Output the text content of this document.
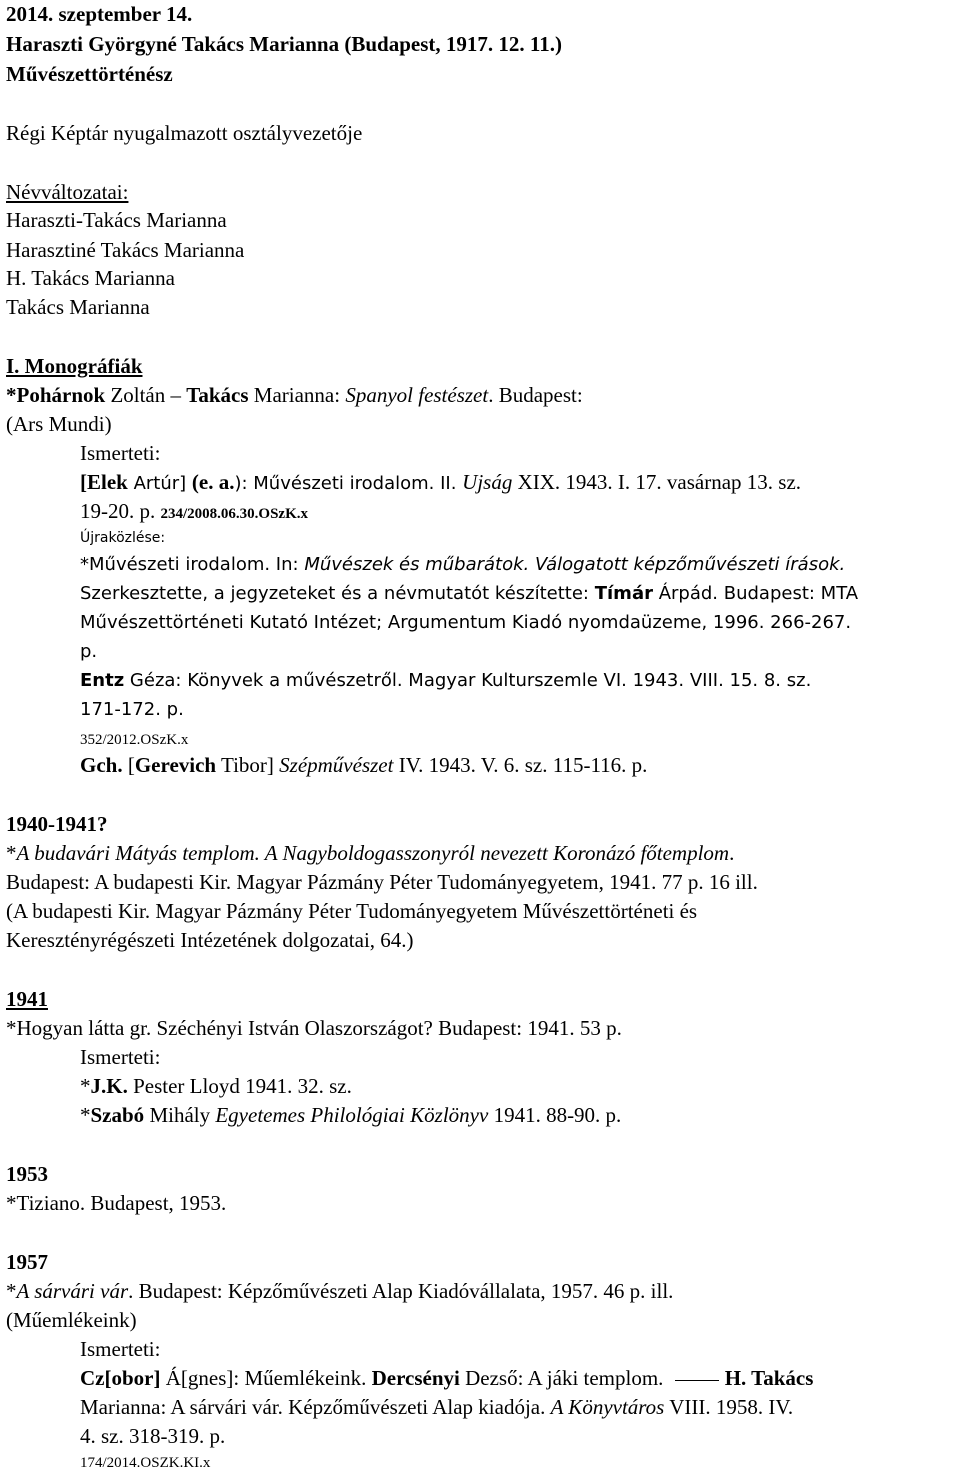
2014. szeptember 14.
Haraszti Györgyné Takács Marianna (Budapest, 1917. 12. 11.)
Művészettörténész
Régi Képtár nyugalmazott osztályvezetője
Névváltozatai:
Haraszti-Takács Marianna
Harasztiné Takács Marianna
H. Takács Marianna
Takács Marianna
I. Monográfiák
*Pohárnok Zoltán – Takács Marianna: Spanyol festészet. Budapest:
(Ars Mundi)
Ismerteti:
[Elek Artúr] (e. a.): Művészeti irodalom. II. Ujság XIX. 1943. I. 17. vasárnap 13. sz.
19-20. p. 234/2008.06.30.OSzK.x
Újraközlése:
*Művészeti irodalom. In: Művészek és műbarátok. Válogatott képzőművészeti írások.
Szerkesztette, a jegyzeteket és a névmutatót készítette: Tímár Árpád. Budapest: MTA
Művészettörténeti Kutató Intézet; Argumentum Kiadó nyomdaüzeme, 1996. 266-267.
p.
Entz Géza: Könyvek a művészetről. Magyar Kulturszemle VI. 1943. VIII. 15. 8. sz.
171-172. p.
352/2012.OSzK.x
Gch. [Gerevich Tibor] Szépművészet IV. 1943. V. 6. sz. 115-116. p.
1940-1941?
*A budavári Mátyás templom. A Nagyboldogasszonyról nevezett Koronázó főtemplom.
Budapest: A budapesti Kir. Magyar Pázmány Péter Tudományegyetem, 1941. 77 p. 16 ill.
(A budapesti Kir. Magyar Pázmány Péter Tudományegyetem Művészettörténeti és
Keresztényrégészeti Intézetének dolgozatai, 64.)
1941
*Hogyan látta gr. Széchényi István Olaszországot? Budapest: 1941. 53 p.
Ismerteti:
*J.K. Pester Lloyd 1941. 32. sz.
*Szabó Mihály Egyetemes Philológiai Közlönyv 1941. 88-90. p.
1953
*Tiziano. Budapest, 1953.
1957
*A sárvári vár. Budapest: Képzőművészeti Alap Kiadóvállalata, 1957. 46 p. ill.
(Műemlékeink)
Ismerteti:
Cz[obor] Á[gnes]: Műemlékeink. Dercsényi Dezső: A jáki templom.	H. Takács
Marianna: A sárvári vár. Képzőművészeti Alap kiadója. A Könyvtáros VIII. 1958. IV.
4. sz. 318-319. p.
174/2014.OSZK.KI.x
